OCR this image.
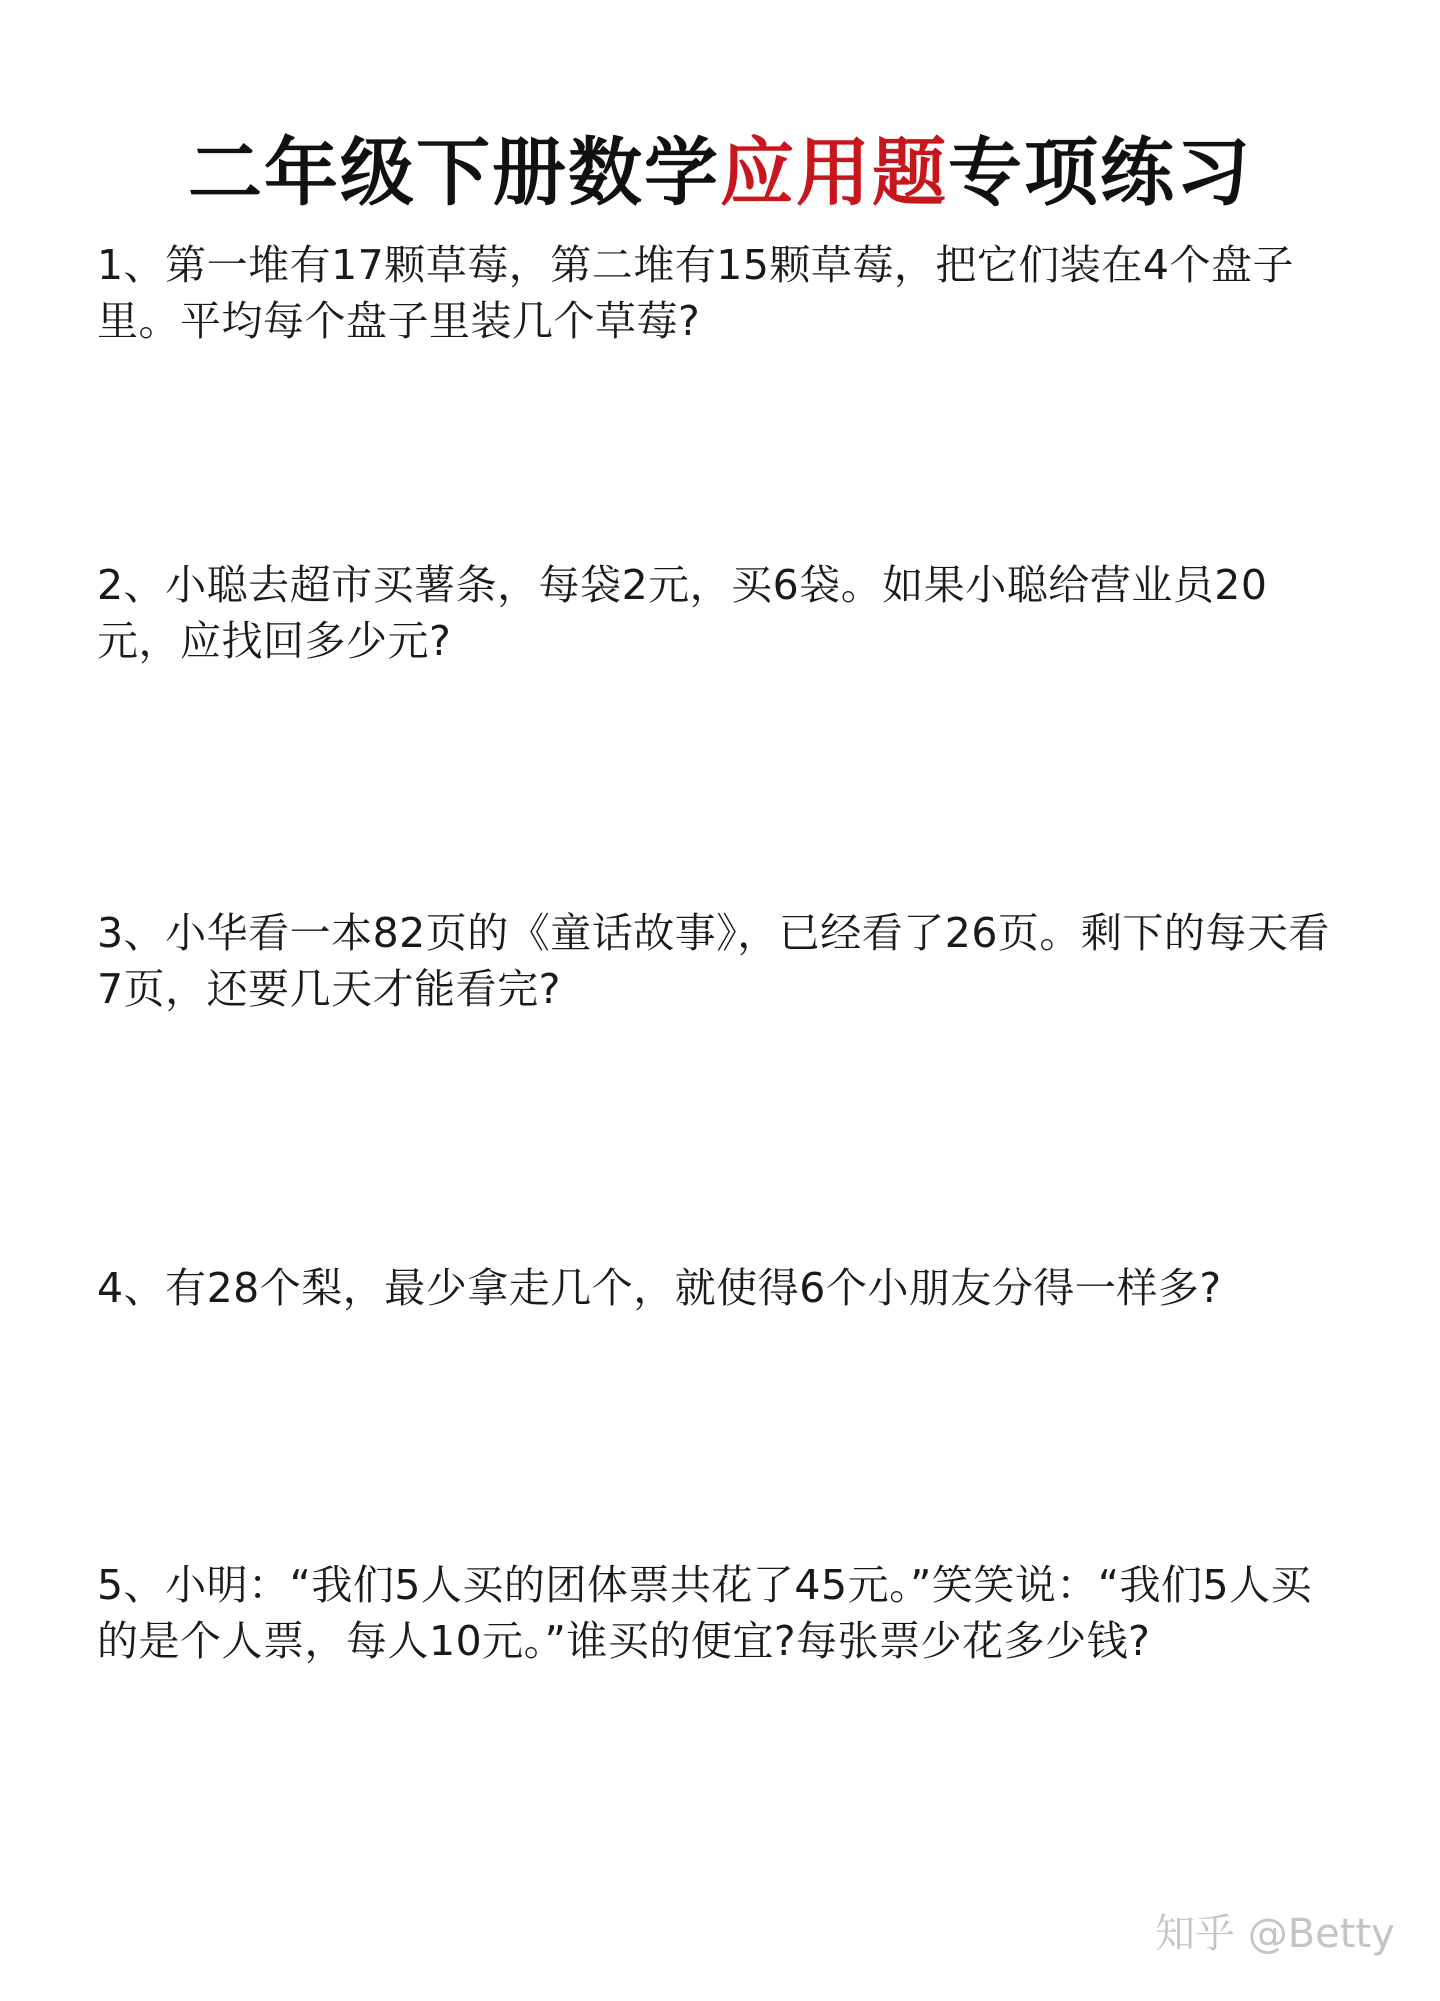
二年级下册数学应用题专项练习
1、第一堆有17颗草莓，第二堆有15颗草莓，把它们装在4个盘子里。平均每个盘子里装几个草莓?
2、小聪去超市买薯条，每袋2元，买6袋。如果小聪给营业员20元，应找回多少元?
3、小华看一本82页的《童话故事》，已经看了26页。剩下的每天看7页，还要几天才能看完?
4、有28个梨，最少拿走几个，就使得6个小朋友分得一样多?
5、小明：“我们5人买的团体票共花了45元。”笑笑说：“我们5人买的是个人票，每人10元。”谁买的便宜?每张票少花多少钱?
知乎 @Betty
